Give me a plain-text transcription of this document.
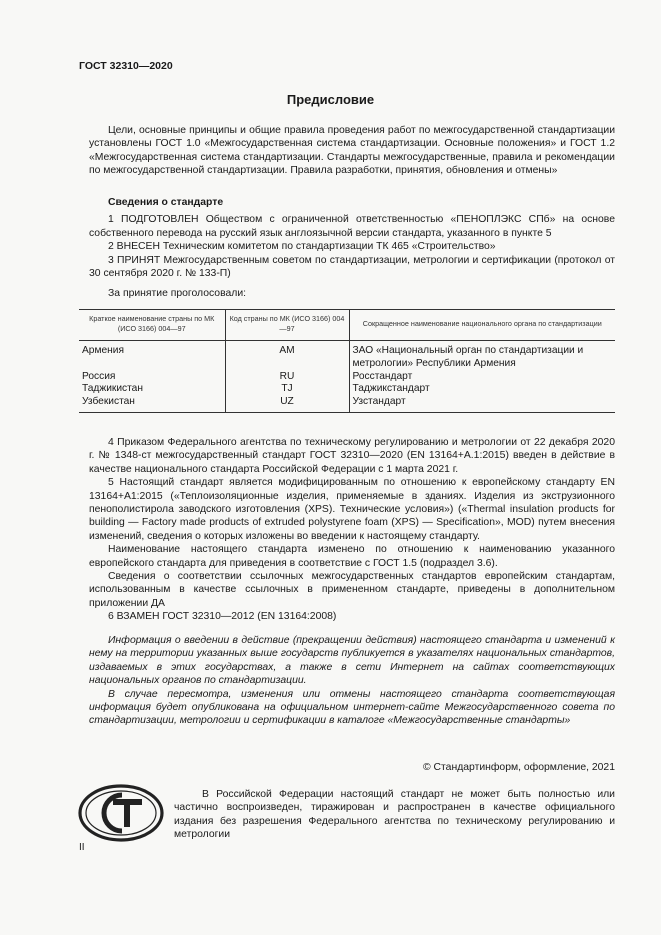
ГОСТ 32310—2020
Предисловие

Цели, основные принципы и общие правила проведения работ по межгосударственной стандартизации установлены ГОСТ 1.0 «Межгосударственная система стандартизации. Основные положения» и ГОСТ 1.2 «Межгосударственная система стандартизации. Стандарты межгосударственные, правила и рекомендации по межгосударственной стандартизации. Правила разработки, принятия, обновления и отмены»

Сведения о стандарте

1 ПОДГОТОВЛЕН Обществом с ограниченной ответственностью «ПЕНОПЛЭКС СПб» на основе собственного перевода на русский язык англоязычной версии стандарта, указанного в пункте 5

2 ВНЕСЕН Техническим комитетом по стандартизации ТК 465 «Строительство»

3 ПРИНЯТ Межгосударственным советом по стандартизации, метрологии и сертификации (протокол от 30 сентября 2020 г. № 133-П)

За принятие проголосовали:

Краткое наименование страны по МК (ИСО 3166) 004—97	Код страны по МК (ИСО 3166) 004—97	Сокращенное наименование национального органа по стандартизации
Армения	AM	ЗАО «Национальный орган по стандартизации и метрологии» Республики Армения
Россия	RU	Росстандарт
Таджикистан	TJ	Таджикстандарт
Узбекистан	UZ	Узстандарт

4 Приказом Федерального агентства по техническому регулированию и метрологии от 22 декабря 2020 г. № 1348-ст межгосударственный стандарт ГОСТ 32310—2020 (EN 13164+А.1:2015) введен в действие в качестве национального стандарта Российской Федерации с 1 марта 2021 г.

5 Настоящий стандарт является модифицированным по отношению к европейскому стандарту EN 13164+A1:2015 («Теплоизоляционные изделия, применяемые в зданиях. Изделия из экструзионного пенополистирола заводского изготовления (XPS). Технические условия») («Thermal insulation products for building — Factory made products of extruded polystyrene foam (XPS) — Specification», MOD) путем внесения изменений, сведения о которых изложены во введении к настоящему стандарту.

Наименование настоящего стандарта изменено по отношению к наименованию указанного европейского стандарта для приведения в соответствие с ГОСТ 1.5 (подраздел 3.6).

Сведения о соответствии ссылочных межгосударственных стандартов европейским стандартам, использованным в качестве ссылочных в примененном стандарте, приведены в дополнительном приложении ДА

6 ВЗАМЕН ГОСТ 32310—2012 (EN 13164:2008)

Информация о введении в действие (прекращении действия) настоящего стандарта и изменений к нему на территории указанных выше государств публикуется в указателях национальных стандартов, издаваемых в этих государствах, а также в сети Интернет на сайтах соответствующих национальных органов по стандартизации.

В случае пересмотра, изменения или отмены настоящего стандарта соответствующая информация будет опубликована на официальном интернет-сайте Межгосударственного совета по стандартизации, метрологии и сертификации в каталоге «Межгосударственные стандарты»

© Стандартинформ, оформление, 2021

В Российской Федерации настоящий стандарт не может быть полностью или частично воспроизведен, тиражирован и распространен в качестве официального издания без разрешения Федерального агентства по техническому регулированию и метрологии

II
